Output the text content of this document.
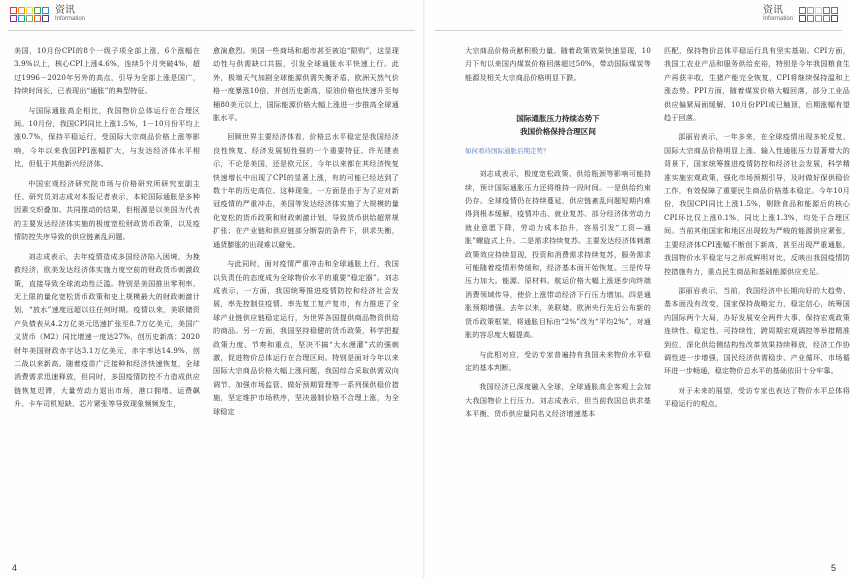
资讯
Information

美国，10月份CPI的8个一级子项全部上涨，6个涨幅在3.9%以上，核心CPI上涨4.6%，连续5个月突破4%，超过1996－2020年另外的高点，引导为全部上涨是国广，持续时间长，已表现出“通胀”的典型特征。

与国际通胀高企相比，我国物价总体运行在合理区间。10月份，我国CPI同比上涨1.5%，1－10月份平均上涨0.7%，保持平稳运行，受国际大宗商品价格上涨等影响，今年以来我国PPI涨幅扩大，与发达经济体水平相比，但低于其他新兴经济体。

中国宏观经济研究院市场与价格研究所研究室副主任、研究员刘志成对本报记者表示，本轮国际通胀是多种因素交织叠加、共同推动的结果，但根源是以美国为代表的主要发达经济体实施的极度宽松财政货币政策，以及疫情防控失序导致的供应链紊乱问题。

刘志成表示，去年疫情造成多国经济陷入困境，为挽救经济，欧美发达经济体实施力度空前的财政货币刺激政策，直接导致全球流动性泛滥。特别是美国推出零利率、无上限的量化宽松货币政策和史上规模最大的财政刺激计划，“放水”速度远超以往任何时期。疫情以来，美联储资产负债表从4.2万亿美元迅速扩张至8.7万亿美元，美国广义货币（M2）同比增速一度达27%，创历史新高；2020财年美国财政赤字达3.1万亿美元，赤字率达14.9%，创二战以来新高。随着疫苗广泛接种和经济快速恢复，全球消费需求迅速释放，但同时，多国疫情防控不力造成供应链恢复迟滞，大量劳动力退出市场，港口拥堵、运费飙升、卡车司机短缺、芯片紧张等导致现象频频发生，

愈演愈烈。美国一些商场和超市甚至被迫“限购”，这显现动性与供需缺口共振，引发全球通胀水平快速上行。此外，极端天气加剧全球能源供需失衡矛盾，欧洲天然气价格一度暴涨10倍，并创历史新高，原油价格也快速升至每桶80美元以上，国际能源价格大幅上涨进一步推高全球通胀水平。

回顾世界主要经济体看，价格总水平稳定是我国经济良性恢复、经济发展韧性强的一个重要特征。许光建表示，不论是美国，还是欧元区，今年以来都在其经济恢复快速增长中出现了CPI的显著上涨，有的可能已经达到了数十年的历史高位。这种现象，一方面是由于为了应对新冠疫情的严重冲击，美国等发达经济体实施了大规模的量化宽松的货币政策和财政刺激计划，导致货币供给超常规扩张；在产业链和供应链部分断裂的条件下，供求失衡，通货膨胀的出现难以避免。

与此同时，面对疫情严重冲击和全球通胀上行，我国以负责任的态度成为全球物价水平的重要“稳定器”。刘志成表示，一方面，我国统筹推进疫情防控和经济社会发展，率先控制住疫情、率先复工复产复市，有力推进了全球产业链供应链稳定运行，为世界各国提供商品物资供给的商品。另一方面，我国坚持稳健的货币政策，科学把握政策力度、节奏和重点，坚决不搞“大水漫灌”式的强刺激，促进物价总体运行在合理区间。特别是面对今年以来国际大宗商品价格大幅上涨问题，我国综合采取供需双向调节、加强市场监管、做好预期管理等一系列保供稳价措施，坚定维护市场秩序，坚决遏制价格不合理上涨，为全球稳定

4
资讯
Information

大宗商品价格贡献积极力量。随着政策效果快速显现，10月下旬以来国内煤炭价格回落超过50%，带动国际煤炭等能源及相关大宗商品价格明显下跌。

国际通胀压力持续态势下
我国价格保持合理区间
如何看待国际通胀后期走势？

刘志成表示，极度宽松政策、供给瓶颈等影响可能持续，预计国际通胀压力还将维持一段时间。一是供给约束仍存。全球疫情仍在持续蔓延，供应链紊乱问题短期内难得到根本缓解，疫情冲击、就业复苏、部分经济体劳动力就业意愿下降，劳动力成本抬升，容易引发“工资—通胀”螺旋式上升。二是需求持续复苏。主要发达经济体刺激政策效应持续显现，投资和消费需求持续复苏，服务需求可能随着疫情形势缓和，经济基本面开始恢复。三是传导压力加大。能源、原材料、航运价格大幅上涨逐步向终端消费领域传导，使价上涨带动经济下行压力增加。四是通胀预期增强。去年以来，美联储、欧洲央行先后公布新的货币政策框架，将通胀目标由“2%”改为“平均2%”，对通胀的容忍度大幅提高。

与此相对应，受访专家普遍持有我国未来物价水平稳定的基本判断。

我国经济已深度融入全球，全球通胀高企客观上会加大我国物价上行压力。刘志成表示，但当前我国总供求基本平衡，货币供应量同名义经济增速基本

匹配，保持物价总体平稳运行具有坚实基础。CPI方面，我国工农业产品和服务供给充裕，特别是今年我国粮食生产再获丰收，生猪产能完全恢复，CPI将继续保持温和上涨态势。PPI方面，随着煤炭价格大幅回落，部分工业品供应偏紧局面缓解，10月份PPI或已触顶，后期涨幅有望趋于回落。

邵丽岩表示，一年多来，在全球疫情出现多轮反复、国际大宗商品价格明显上涨、输入性通胀压力显著增大的背景下，国家统筹推进疫情防控和经济社会发展，科学精准实施宏观政策，强化市场预期引导，及时做好保供稳价工作，有效保障了重要民生商品价格基本稳定。今年10月份，我国CPI同比上涨1.5%，剔除食品和能源后的核心CPI环比仅上涨0.1%，同比上涨1.3%，均处于合理区间。当前其他国家和地区出现较为严峻的能源供应紧张，主要经济体CPI涨幅不断创下新高，甚至出现严重通胀，我国物价水平稳定与之形成鲜明对比，反映出我国疫情防控措施有力，重点民生商品和基础能源供应充足。

邵丽岩表示，当前，我国经济中长期向好的大趋势、基本面没有改变，国家保持战略定力，稳定信心，统筹国内国际两个大局，办好发展安全两件大事，保持宏观政策连续性、稳定性、可持续性，跨周期宏观调控等举措精准到位，深化供给侧结构性改革效果持续释放，经济工作协调性进一步增强，国民经济供需稳步、产业循环、市场循环进一步畅通，稳定物价总水平的基础依旧十分牢靠。

对于未来的展望，受访专家也表达了物价水平总体将平稳运行的观点。

5
